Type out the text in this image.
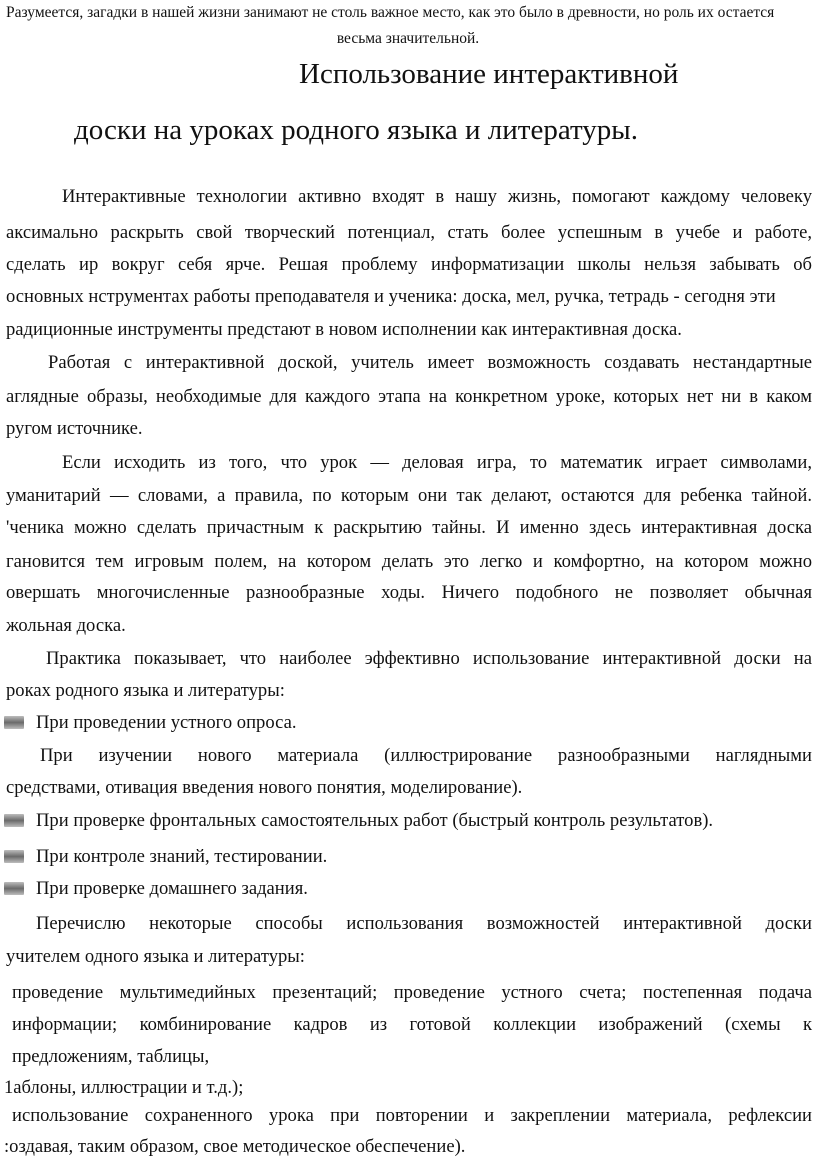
Разумеется, загадки в нашей жизни занимают не столь важное место, как это было в древности, но роль их остается
весьма значительной.
Использование интерактивной
доски на уроках родного языка и литературы.
Интерактивные технологии активно входят в нашу жизнь, помогают каждому человеку
аксимально раскрыть свой творческий потенциал, стать более успешным в учебе и работе,
сделать ир вокруг себя ярче. Решая проблему информатизации школы нельзя забывать об
основных нструментах работы преподавателя и ученика: доска, мел, ручка, тетрадь - сегодня эти
радиционные инструменты предстают в новом исполнении как интерактивная доска.
Работая с интерактивной доской, учитель имеет возможность создавать нестандартные
аглядные образы, необходимые для каждого этапа на конкретном уроке, которых нет ни в каком
ругом источнике.
Если исходить из того, что урок — деловая игра, то математик играет символами,
уманитарий — словами, а правила, по которым они так делают, остаются для ребенка тайной.
'ченика можно сделать причастным к раскрытию тайны. И именно здесь интерактивная доска
гановится тем игровым полем, на котором делать это легко и комфортно, на котором можно
овершать многочисленные разнообразные ходы. Ничего подобного не позволяет обычная
жольная доска.
Практика показывает, что наиболее эффективно использование интерактивной доски на
роках родного языка и литературы:
При проведении устного опроса.
При изучении нового материала (иллюстрирование разнообразными наглядными
средствами, отивация введения нового понятия, моделирование).
При проверке фронтальных самостоятельных работ (быстрый контроль результатов).
При контроле знаний, тестировании.
При проверке домашнего задания.
Перечислю некоторые способы использования возможностей интерактивной доски
учителем одного языка и литературы:
проведение мультимедийных презентаций; проведение устного счета; постепенная подача
информации; комбинирование кадров из готовой коллекции изображений (схемы к
предложениям, таблицы,
1аблоны, иллюстрации и т.д.);
использование сохраненного урока при повторении и закреплении материала, рефлексии
:оздавая, таким образом, свое методическое обеспечение).
